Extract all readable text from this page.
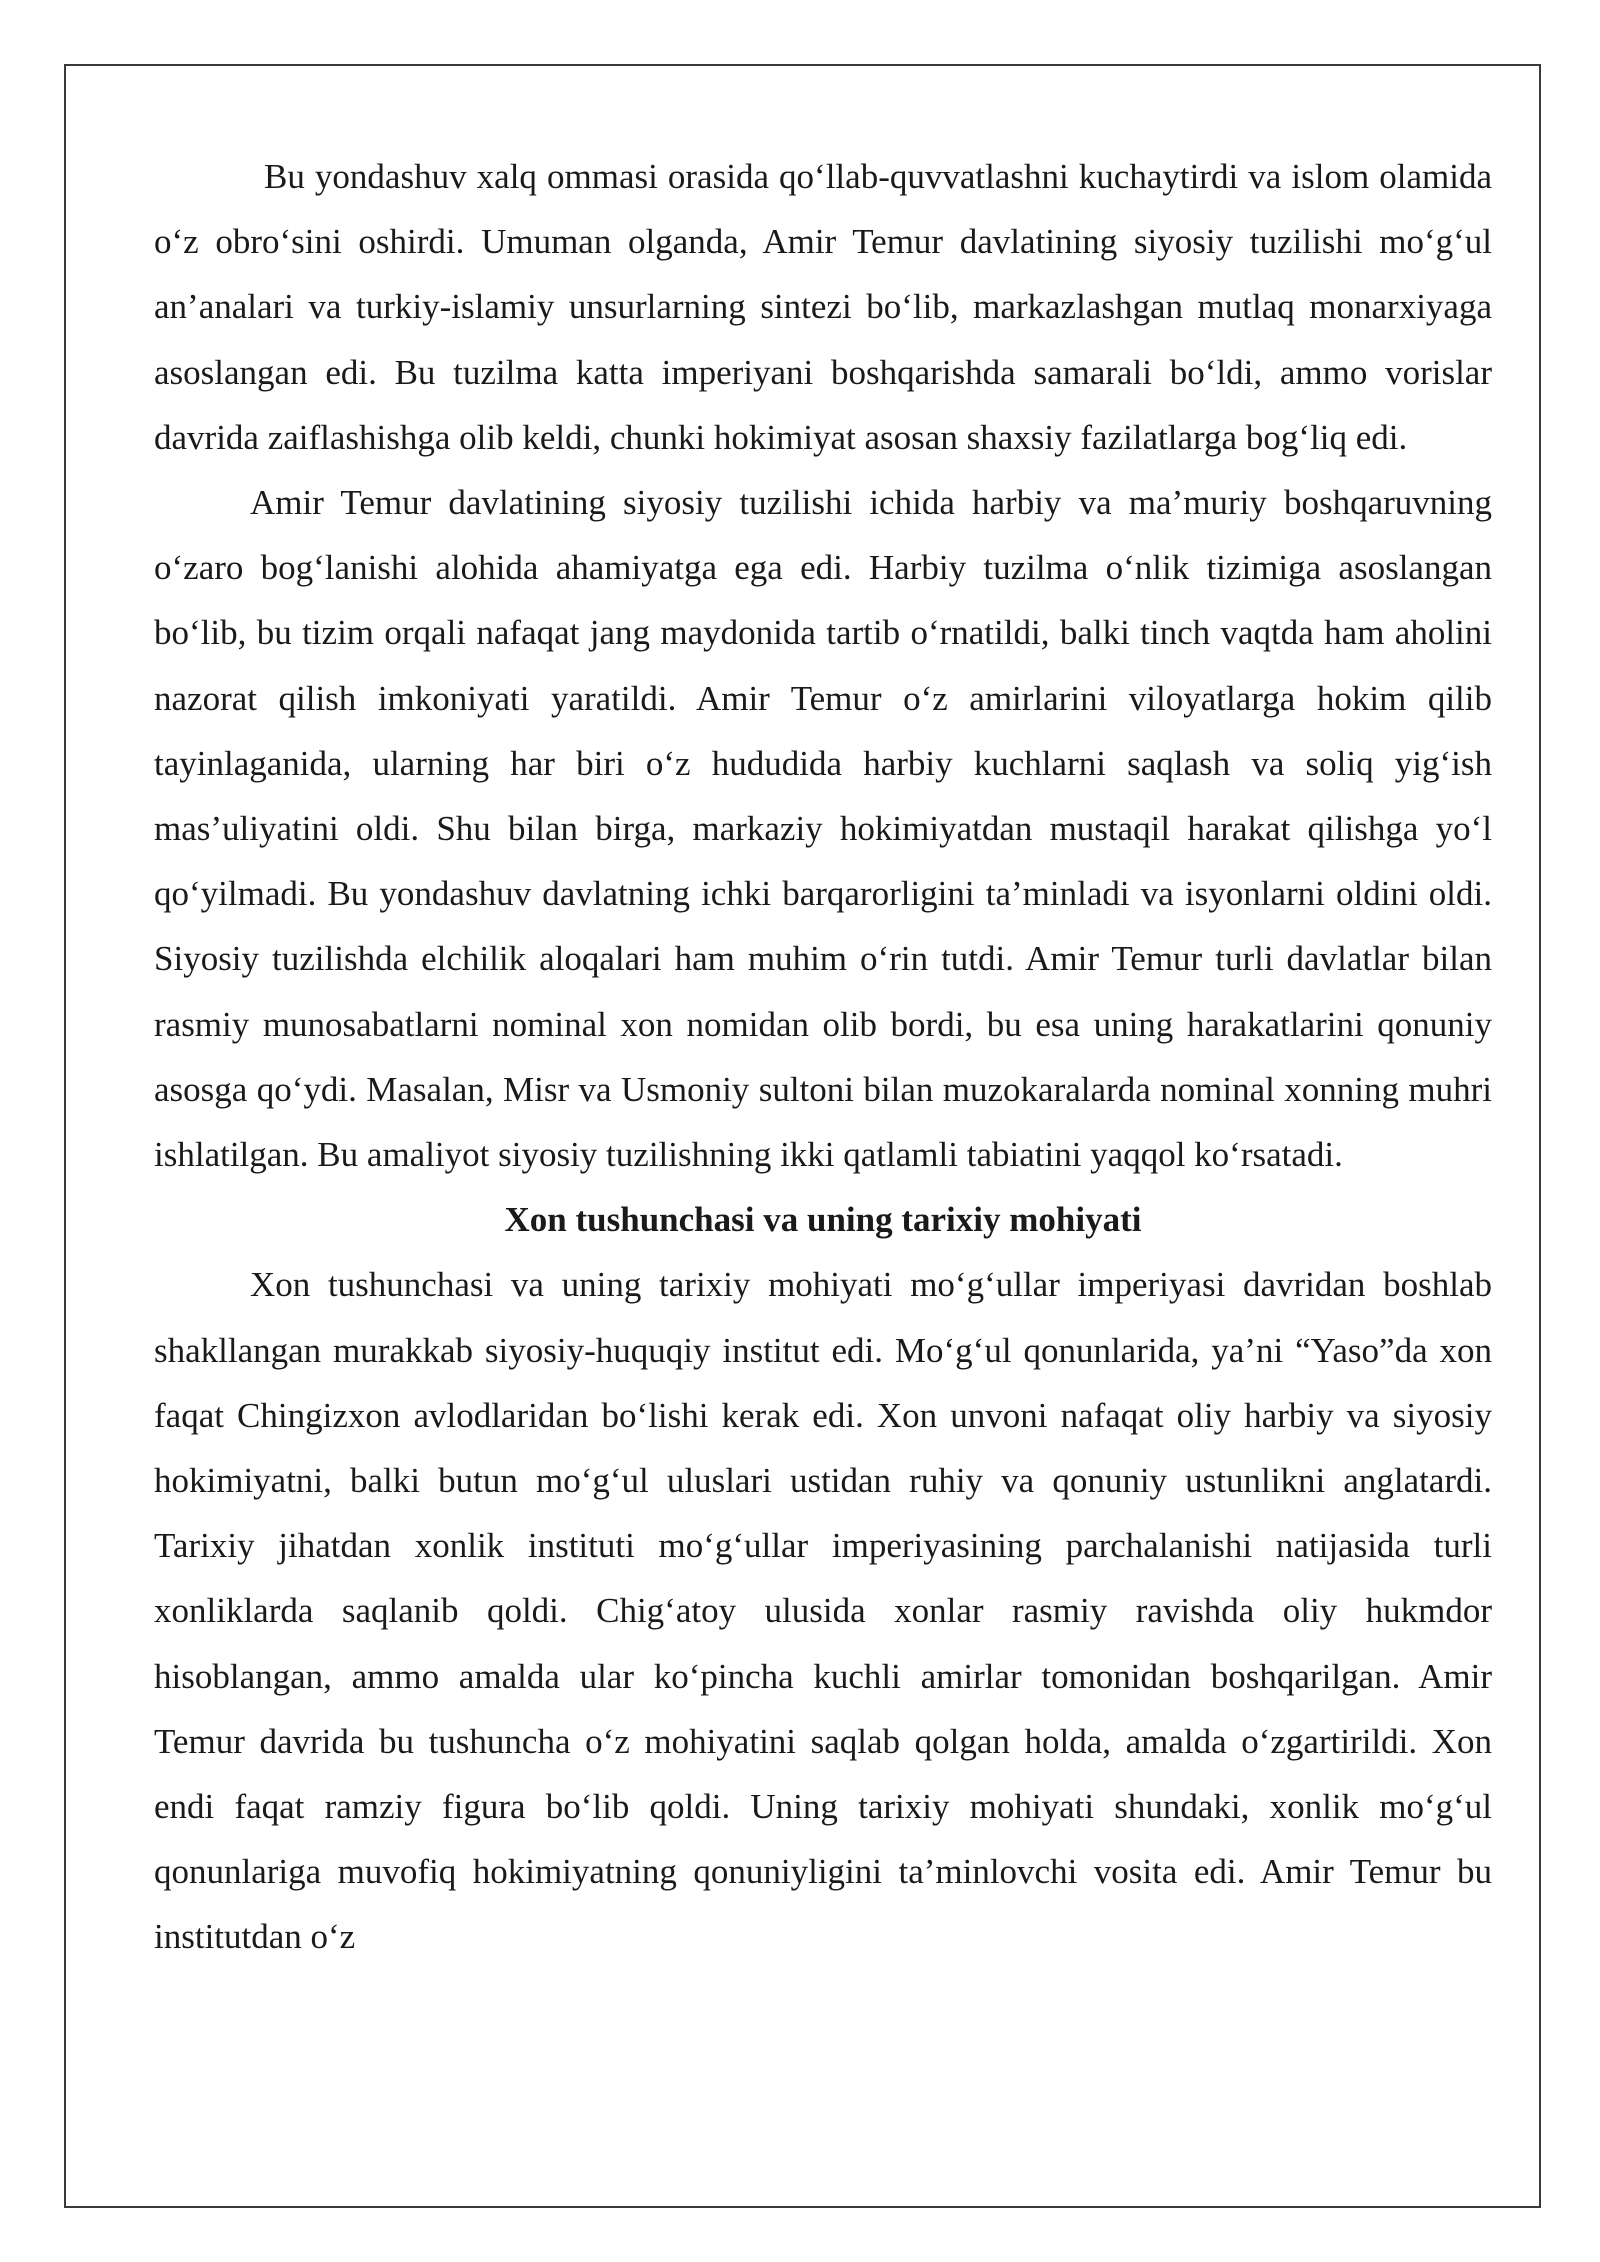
Bu yondashuv xalq ommasi orasida qo‘llab-quvvatlashni kuchaytirdi va islom olamida o‘z obro‘sini oshirdi. Umuman olganda, Amir Temur davlatining siyosiy tuzilishi mo‘g‘ul an’analari va turkiy-islamiy unsurlarning sintezi bo‘lib, markazlashgan mutlaq monarxiyaga asoslangan edi. Bu tuzilma katta imperiyani boshqarishda samarali bo‘ldi, ammo vorislar davrida zaiflashishga olib keldi, chunki hokimiyat asosan shaxsiy fazilatlarga bog‘liq edi.

Amir Temur davlatining siyosiy tuzilishi ichida harbiy va ma’muriy boshqaruvning o‘zaro bog‘lanishi alohida ahamiyatga ega edi. Harbiy tuzilma o‘nlik tizimiga asoslangan bo‘lib, bu tizim orqali nafaqat jang maydonida tartib o‘rnatildi, balki tinch vaqtda ham aholini nazorat qilish imkoniyati yaratildi. Amir Temur o‘z amirlarini viloyatlarga hokim qilib tayinlaganida, ularning har biri o‘z hududida harbiy kuchlarni saqlash va soliq yig‘ish mas’uliyatini oldi. Shu bilan birga, markaziy hokimiyatdan mustaqil harakat qilishga yo‘l qo‘yilmadi. Bu yondashuv davlatning ichki barqarorligini ta’minladi va isyonlarni oldini oldi. Siyosiy tuzilishda elchilik aloqalari ham muhim o‘rin tutdi. Amir Temur turli davlatlar bilan rasmiy munosabatlarni nominal xon nomidan olib bordi, bu esa uning harakatlarini qonuniy asosga qo‘ydi. Masalan, Misr va Usmoniy sultoni bilan muzokaralarda nominal xonning muhri ishlatilgan. Bu amaliyot siyosiy tuzilishning ikki qatlamli tabiatini yaqqol ko‘rsatadi.

Xon tushunchasi va uning tarixiy mohiyati

Xon tushunchasi va uning tarixiy mohiyati mo‘g‘ullar imperiyasi davridan boshlab shakllangan murakkab siyosiy-huquqiy institut edi. Mo‘g‘ul qonunlarida, ya’ni “Yaso”da xon faqat Chingizxon avlodlaridan bo‘lishi kerak edi. Xon unvoni nafaqat oliy harbiy va siyosiy hokimiyatni, balki butun mo‘g‘ul uluslari ustidan ruhiy va qonuniy ustunlikni anglatardi. Tarixiy jihatdan xonlik instituti mo‘g‘ullar imperiyasining parchalanishi natijasida turli xonliklarda saqlanib qoldi. Chig‘atoy ulusida xonlar rasmiy ravishda oliy hukmdor hisoblangan, ammo amalda ular ko‘pincha kuchli amirlar tomonidan boshqarilgan. Amir Temur davrida bu tushuncha o‘z mohiyatini saqlab qolgan holda, amalda o‘zgartirildi. Xon endi faqat ramziy figura bo‘lib qoldi. Uning tarixiy mohiyati shundaki, xonlik mo‘g‘ul qonunlariga muvofiq hokimiyatning qonuniyligini ta’minlovchi vosita edi. Amir Temur bu institutdan o‘z
